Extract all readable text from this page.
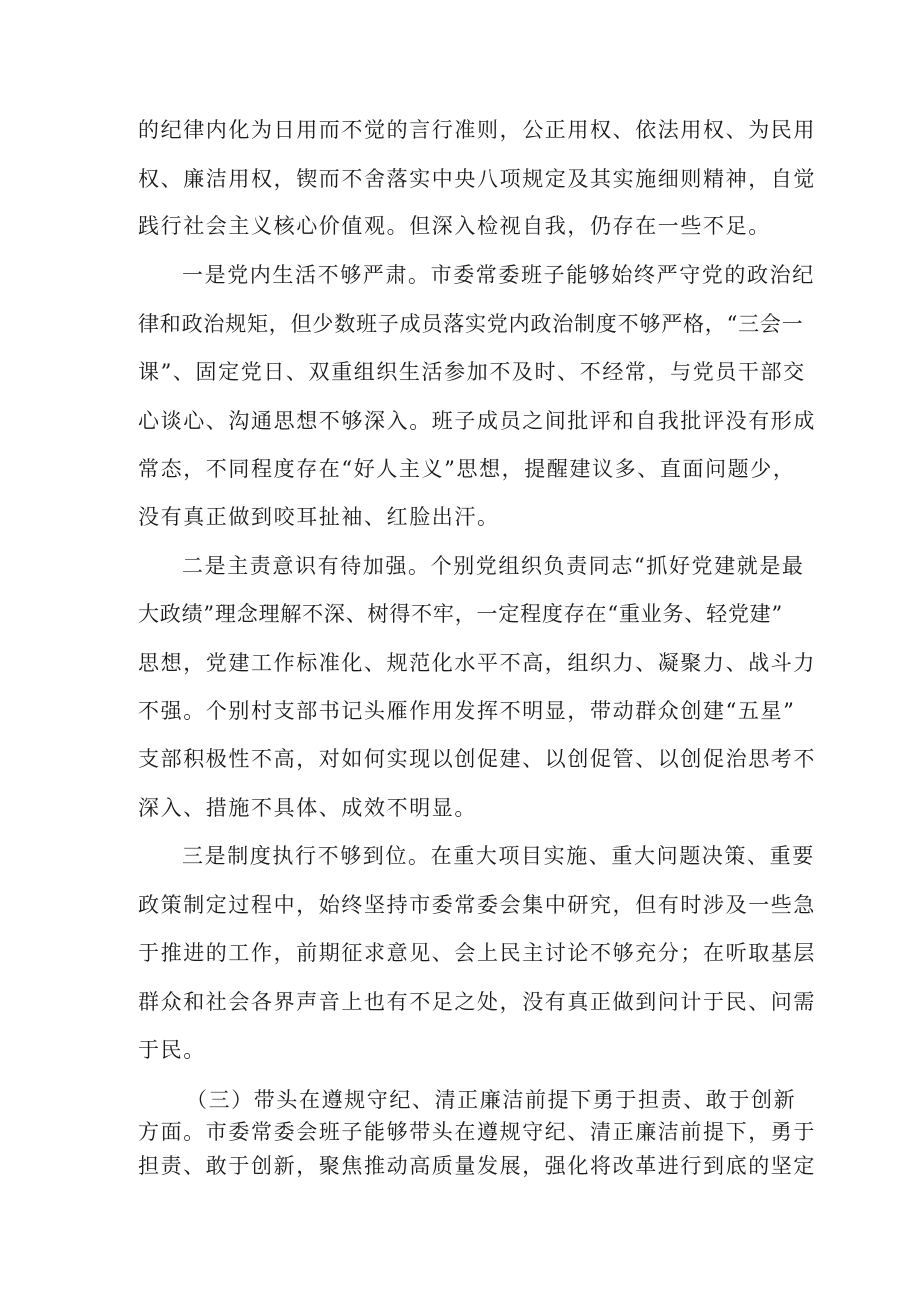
的纪律内化为日用而不觉的言行准则，公正用权、依法用权、为民用
权、廉洁用权，锲而不舍落实中央八项规定及其实施细则精神，自觉
践行社会主义核心价值观。但深入检视自我，仍存在一些不足。
一是党内生活不够严肃。市委常委班子能够始终严守党的政治纪
律和政治规矩，但少数班子成员落实党内政治制度不够严格，“三会一
课”、固定党日、双重组织生活参加不及时、不经常，与党员干部交
心谈心、沟通思想不够深入。班子成员之间批评和自我批评没有形成
常态，不同程度存在“好人主义”思想，提醒建议多、直面问题少，
没有真正做到咬耳扯袖、红脸出汗。
二是主责意识有待加强。个别党组织负责同志“抓好党建就是最
大政绩”理念理解不深、树得不牢，一定程度存在“重业务、轻党建”
思想，党建工作标准化、规范化水平不高，组织力、凝聚力、战斗力
不强。个别村支部书记头雁作用发挥不明显，带动群众创建“五星”
支部积极性不高，对如何实现以创促建、以创促管、以创促治思考不
深入、措施不具体、成效不明显。
三是制度执行不够到位。在重大项目实施、重大问题决策、重要
政策制定过程中，始终坚持市委常委会集中研究，但有时涉及一些急
于推进的工作，前期征求意见、会上民主讨论不够充分；在听取基层
群众和社会各界声音上也有不足之处，没有真正做到问计于民、问需
于民。
（三）带头在遵规守纪、清正廉洁前提下勇于担责、敢于创新
方面。市委常委会班子能够带头在遵规守纪、清正廉洁前提下，勇于
担责、敢于创新，聚焦推动高质量发展，强化将改革进行到底的坚定
